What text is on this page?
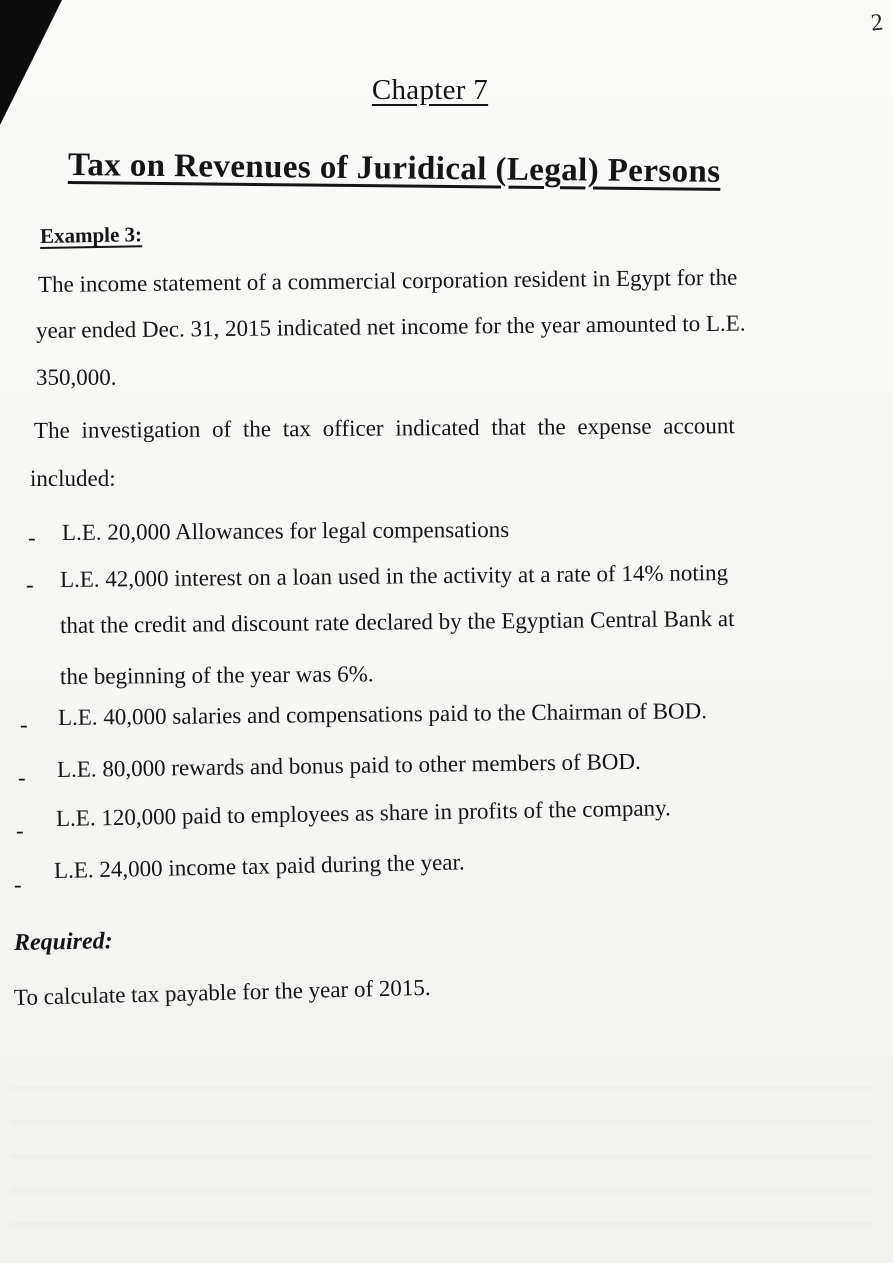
2
Chapter 7
Tax on Revenues of Juridical (Legal) Persons
Example 3:
The income statement of a commercial corporation resident in Egypt for the
year ended Dec. 31, 2015 indicated net income for the year amounted to L.E.
350,000.
The investigation of the tax officer indicated that the expense account
included:
- L.E. 20,000 Allowances for legal compensations
- L.E. 42,000 interest on a loan used in the activity at a rate of 14% noting
that the credit and discount rate declared by the Egyptian Central Bank at
the beginning of the year was 6%.
- L.E. 40,000 salaries and compensations paid to the Chairman of BOD.
- L.E. 80,000 rewards and bonus paid to other members of BOD.
- L.E. 120,000 paid to employees as share in profits of the company.
-
L.E. 24,000 income tax paid during the year.
Required:
To calculate tax payable for the year of 2015.
